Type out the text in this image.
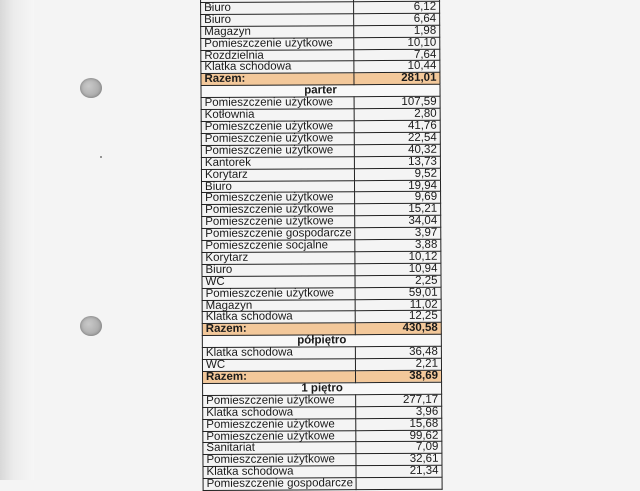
Biuro	6,12
Biuro	6,64
Magazyn	1,98
Pomieszczenie użytkowe	10,10
Rozdzielnia	7,64
Klatka schodowa	10,44
Razem:	281,01
parter	
Pomieszczenie użytkowe	107,59
Kotłownia	2,80
Pomieszczenie użytkowe	41,76
Pomieszczenie użytkowe	22,54
Pomieszczenie użytkowe	40,32
Kantorek	13,73
Korytarz	9,52
Biuro	19,94
Pomieszczenie użytkowe	9,69
Pomieszczenie użytkowe	15,21
Pomieszczenie użytkowe	34,04
Pomieszczenie gospodarcze	3,97
Pomieszczenie socjalne	3,88
Korytarz	10,12
Biuro	10,94
WC	2,25
Pomieszczenie użytkowe	59,01
Magazyn	11,02
Klatka schodowa	12,25
Razem:	430,58
półpiętro	
Klatka schodowa	36,48
WC	2,21
Razem:	38,69
1 piętro	
Pomieszczenie użytkowe	277,17
Klatka schodowa	3,96
Pomieszczenie użytkowe	15,68
Pomieszczenie użytkowe	99,62
Sanitariat	7,09
Pomieszczenie użytkowe	32,61
Klatka schodowa	21,34
Pomieszczenie gospodarcze	
